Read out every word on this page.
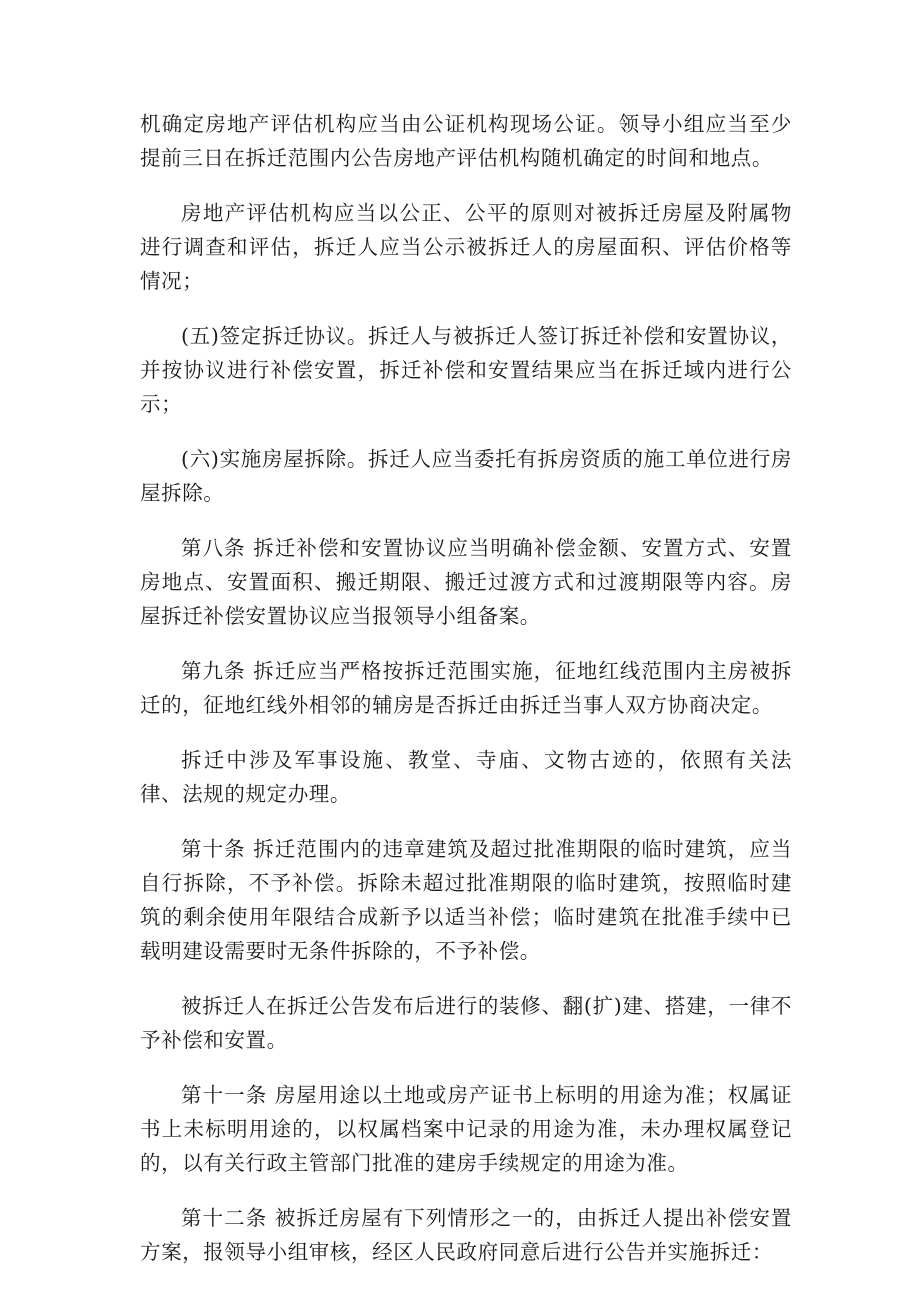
机确定房地产评估机构应当由公证机构现场公证。领导小组应当至少提前三日在拆迁范围内公告房地产评估机构随机确定的时间和地点。

房地产评估机构应当以公正、公平的原则对被拆迁房屋及附属物进行调查和评估，拆迁人应当公示被拆迁人的房屋面积、评估价格等情况；

(五)签定拆迁协议。拆迁人与被拆迁人签订拆迁补偿和安置协议，并按协议进行补偿安置，拆迁补偿和安置结果应当在拆迁域内进行公示；

(六)实施房屋拆除。拆迁人应当委托有拆房资质的施工单位进行房屋拆除。

第八条 拆迁补偿和安置协议应当明确补偿金额、安置方式、安置房地点、安置面积、搬迁期限、搬迁过渡方式和过渡期限等内容。房屋拆迁补偿安置协议应当报领导小组备案。

第九条 拆迁应当严格按拆迁范围实施，征地红线范围内主房被拆迁的，征地红线外相邻的辅房是否拆迁由拆迁当事人双方协商决定。

拆迁中涉及军事设施、教堂、寺庙、文物古迹的，依照有关法律、法规的规定办理。

第十条 拆迁范围内的违章建筑及超过批准期限的临时建筑，应当自行拆除，不予补偿。拆除未超过批准期限的临时建筑，按照临时建筑的剩余使用年限结合成新予以适当补偿；临时建筑在批准手续中已载明建设需要时无条件拆除的，不予补偿。

被拆迁人在拆迁公告发布后进行的装修、翻(扩)建、搭建，一律不予补偿和安置。

第十一条 房屋用途以土地或房产证书上标明的用途为准；权属证书上未标明用途的，以权属档案中记录的用途为准，未办理权属登记的，以有关行政主管部门批准的建房手续规定的用途为准。

第十二条 被拆迁房屋有下列情形之一的，由拆迁人提出补偿安置方案，报领导小组审核，经区人民政府同意后进行公告并实施拆迁：
